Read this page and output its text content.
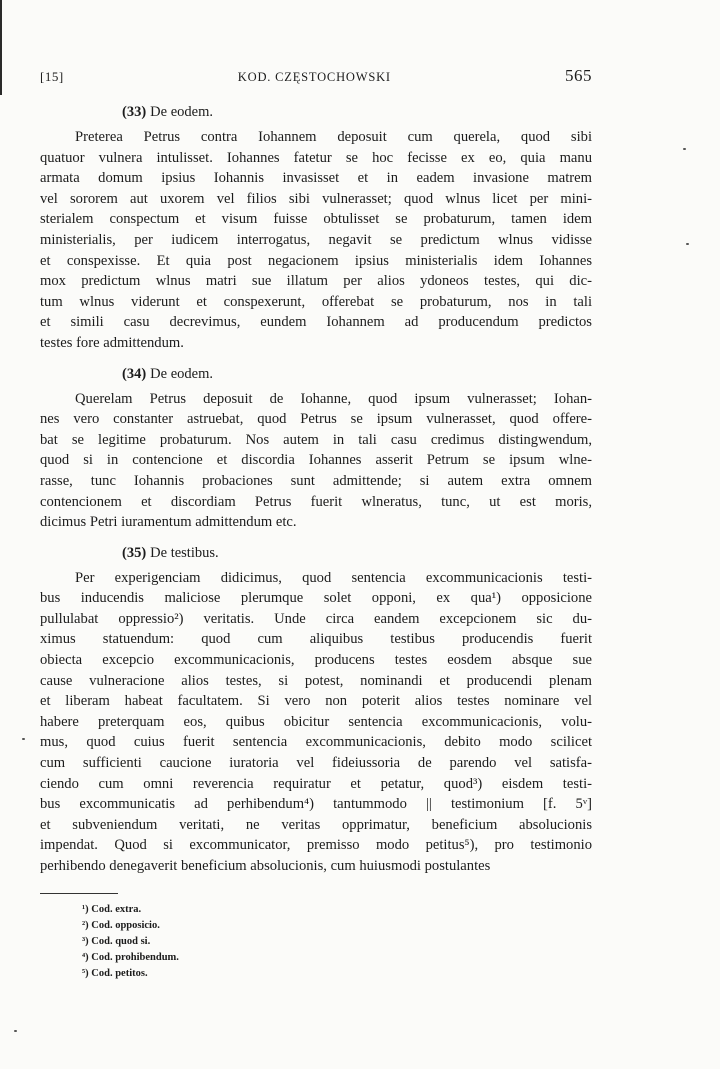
[15]	KOD. CZĘSTOCHOWSKI	565
(33) De eodem.
Preterea Petrus contra Iohannem deposuit cum querela, quod sibi
quatuor vulnera intulisset. Iohannes fatetur se hoc fecisse ex eo, quia manu
armata domum ipsius Iohannis invasisset et in eadem invasione matrem
vel sororem aut uxorem vel filios sibi vulnerasset; quod wlnus licet per mini-
sterialem conspectum et visum fuisse obtulisset se probaturum, tamen idem
ministerialis, per iudicem interrogatus, negavit se predictum wlnus vidisse
et conspexisse. Et quia post negacionem ipsius ministerialis idem Iohannes
mox predictum wlnus matri sue illatum per alios ydoneos testes, qui dic-
tum wlnus viderunt et conspexerunt, offerebat se probaturum, nos in tali
et simili casu decrevimus, eundem Iohannem ad producendum predictos
testes fore admittendum.
(34) De eodem.
Querelam Petrus deposuit de Iohanne, quod ipsum vulnerasset; Iohan-
nes vero constanter astruebat, quod Petrus se ipsum vulnerasset, quod offere-
bat se legitime probaturum. Nos autem in tali casu credimus distingwendum,
quod si in contencione et discordia Iohannes asserit Petrum se ipsum wlne-
rasse, tunc Iohannis probaciones sunt admittende; si autem extra omnem
contencionem et discordiam Petrus fuerit wlneratus, tunc, ut est moris,
dicimus Petri iuramentum admittendum etc.
(35) De testibus.
Per experigenciam didicimus, quod sentencia excommunicacionis testi-
bus inducendis maliciose plerumque solet opponi, ex qua¹) opposicione
pullulabat oppressio²) veritatis. Unde circa eandem excepcionem sic du-
ximus statuendum: quod cum aliquibus testibus producendis fuerit
obiecta excepcio excommunicacionis, producens testes eosdem absque sue
cause vulneracione alios testes, si potest, nominandi et producendi plenam
et liberam habeat facultatem. Si vero non poterit alios testes nominare vel
habere preterquam eos, quibus obicitur sentencia excommunicacionis, volu-
mus, quod cuius fuerit sentencia excommunicacionis, debito modo scilicet
cum sufficienti caucione iuratoria vel fideiussoria de parendo vel satisfa-
ciendo cum omni reverencia requiratur et petatur, quod³) eisdem testi-
bus excommunicatis ad perhibendum⁴) tantummodo || testimonium [f. 5ᵛ]
et subveniendum veritati, ne veritas opprimatur, beneficium absolucionis
impendat. Quod si excommunicator, premisso modo petitus⁵), pro testimonio
perhibendo denegaverit beneficium absolucionis, cum huiusmodi postulantes
¹) Cod. extra.
²) Cod. opposicio.
³) Cod. quod si.
⁴) Cod. prohibendum.
⁵) Cod. petitos.
